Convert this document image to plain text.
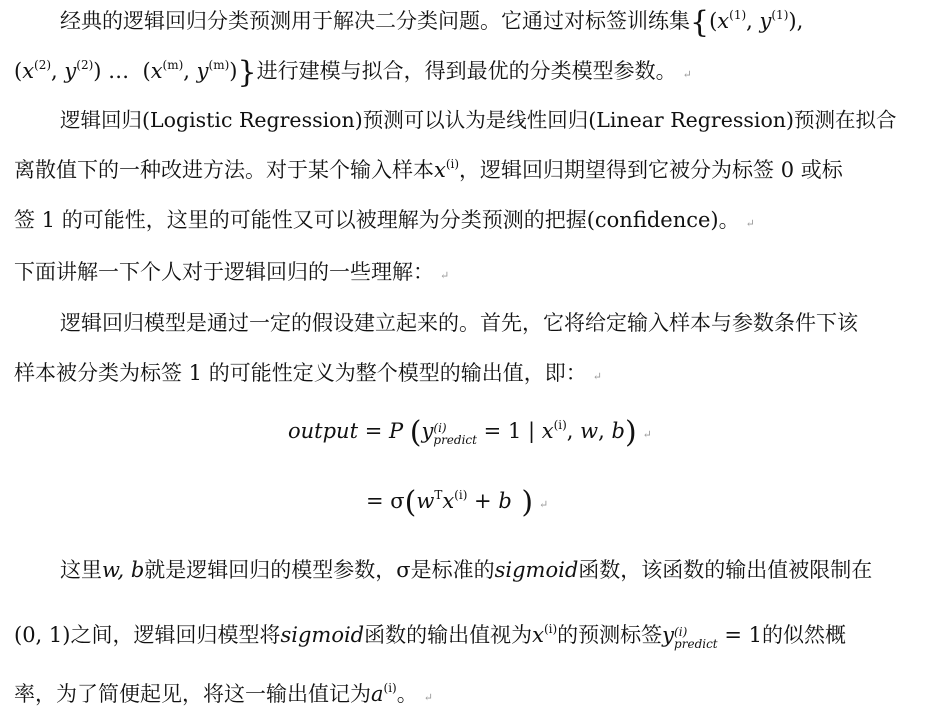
经典的逻辑回归分类预测用于解决二分类问题。它通过对标签训练集{($x^{(1)}$, $y^{(1)}$),
($x^{(2)}$, $y^{(2)}$) …  ($x^{(m)}$, $y^{(m)}$)}进行建模与拟合，得到最优的分类模型参数。 ↵
逻辑回归(Logistic Regression)预测可以认为是线性回归(Linear Regression)预测在拟合
离散值下的一种改进方法。对于某个输入样本$x^{(i)}$，逻辑回归期望得到它被分为标签 0 或标
签 1 的可能性，这里的可能性又可以被理解为分类预测的把握(confidence)。 ↵
下面讲解一下个人对于逻辑回归的一些理解： ↵
逻辑回归模型是通过一定的假设建立起来的。首先，它将给定输入样本与参数条件下该
样本被分类为标签 1 的可能性定义为整个模型的输出值，即： ↵
output = P (y (i)
predict = 1 | $x^{(i)}$, w, b) ↵
= $\sigma(w^Tx^{(i)} + b$ ) ↵
这里w, b就是逻辑回归的模型参数，σ是标准的sigmoid函数，该函数的输出值被限制在
(0, 1)之间，逻辑回归模型将sigmoid函数的输出值视为$x^{(i)}$的预测标签y (i)
predict = 1的似然概
率，为了简便起见，将这一输出值记为$a^{(i)}$。 ↵
